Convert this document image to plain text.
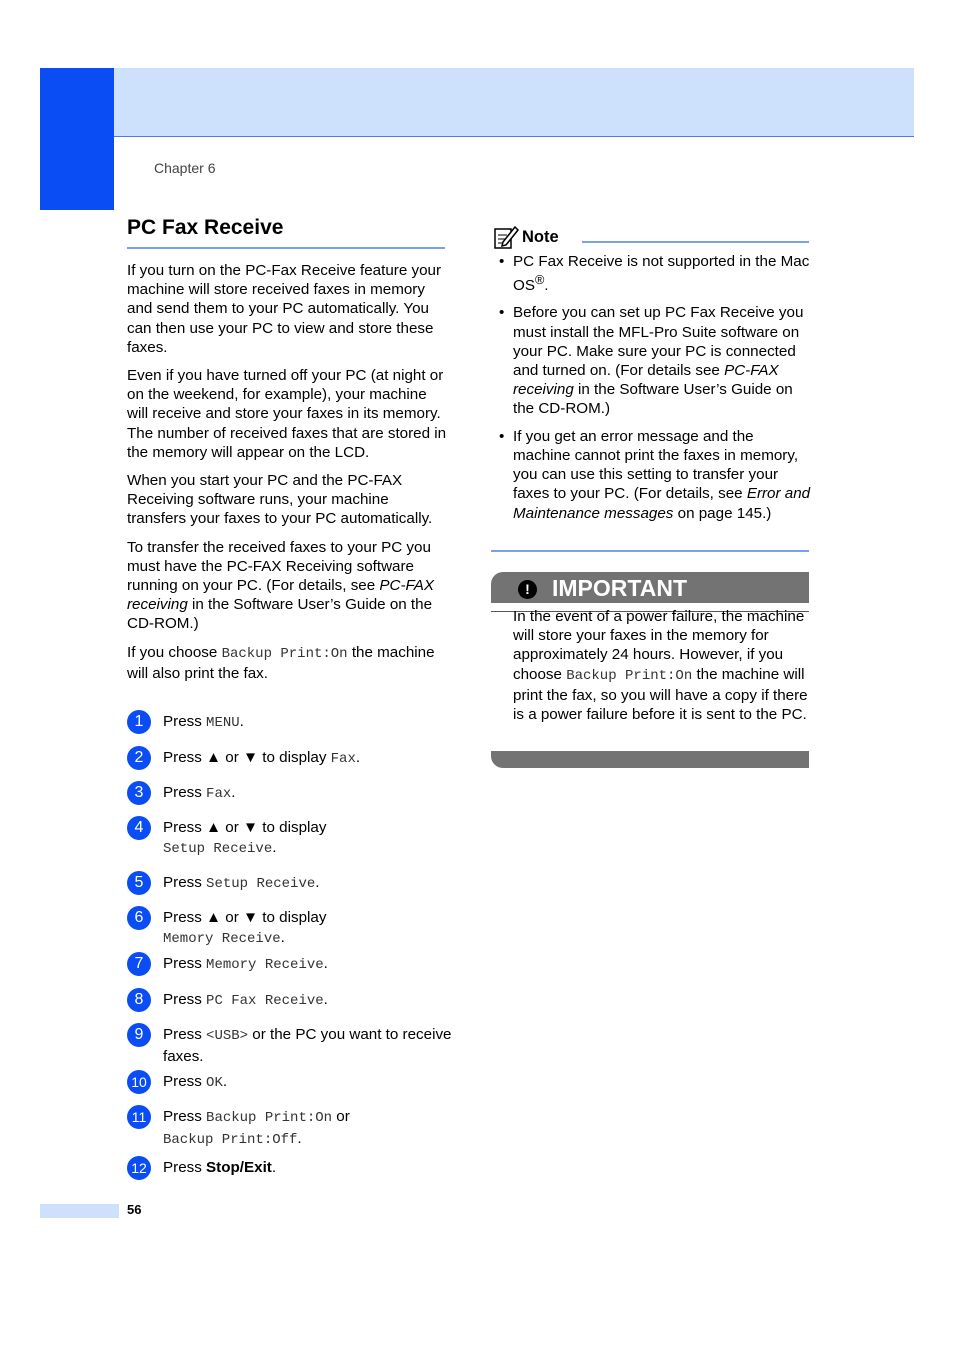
Chapter 6
PC Fax Receive

If you turn on the PC-Fax Receive feature your machine will store received faxes in memory and send them to your PC automatically. You can then use your PC to view and store these faxes.

Even if you have turned off your PC (at night or on the weekend, for example), your machine will receive and store your faxes in its memory. The number of received faxes that are stored in the memory will appear on the LCD.

When you start your PC and the PC-FAX Receiving software runs, your machine transfers your faxes to your PC automatically.

To transfer the received faxes to your PC you must have the PC-FAX Receiving software running on your PC. (For details, see PC-FAX receiving in the Software User’s Guide on the CD-ROM.)

If you choose Backup Print:On the machine will also print the fax.

1	Press MENU.
2	Press ▲ or ▼ to display Fax.
3	Press Fax.
4	Press ▲ or ▼ to display
Setup Receive.
5	Press Setup Receive.
6	Press ▲ or ▼ to display
Memory Receive.
7	Press Memory Receive.
8	Press PC Fax Receive.
9	Press <USB> or the PC you want to receive faxes.
10 Press OK.
11	Press Backup Print:On or
Backup Print:Off.
12 Press Stop/Exit.
Note
• PC Fax Receive is not supported in the Mac OS®.
• Before you can set up PC Fax Receive you must install the MFL-Pro Suite software on your PC. Make sure your PC is connected and turned on. (For details see PC-FAX receiving in the Software User’s Guide on the CD-ROM.)
• If you get an error message and the machine cannot print the faxes in memory, you can use this setting to transfer your faxes to your PC. (For details, see Error and Maintenance messages on page 145.)
! IMPORTANT

In the event of a power failure, the machine will store your faxes in the memory for approximately 24 hours. However, if you choose Backup Print:On the machine will print the fax, so you will have a copy if there is a power failure before it is sent to the PC.

56
